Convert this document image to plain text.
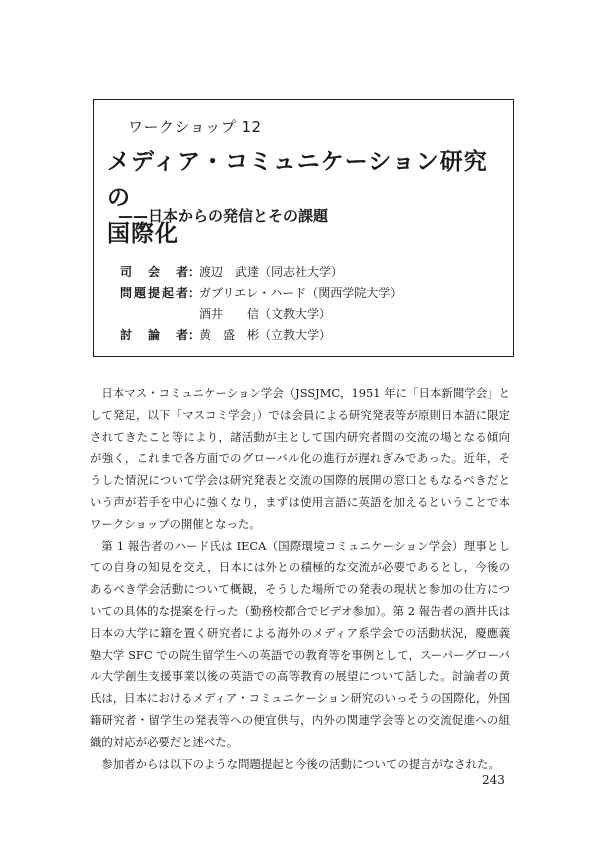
ワークショップ 12
メディア・コミュニケーション研究の
国際化
——日本からの発信とその課題
司 会 者 ：
渡辺　武達（同志社大学）
問題提起者 ：
ガブリエレ・ハード（関西学院大学）
酒井　　信（文教大学）
討 論 者 ：
黄　盛　彬（立教大学）

日本マス・コミュニケーション学会（JSSJMC，1951 年に「日本新聞学会」として発足，以下「マスコミ学会」）では会員による研究発表等が原則日本語に限定されてきたこと等により，諸活動が主として国内研究者間の交流の場となる傾向が強く，これまで各方面でのグローバル化の進行が遅れぎみであった。近年，そうした情況について学会は研究発表と交流の国際的展開の窓口ともなるべきだという声が若手を中心に強くなり，まずは使用言語に英語を加えるということで本ワークショップの開催となった。

第 1 報告者のハード氏は IECA（国際環境コミュニケーション学会）理事としての自身の知見を交え，日本には外との積極的な交流が必要であるとし，今後のあるべき学会活動について概観，そうした場所での発表の現状と参加の仕方についての具体的な提案を行った（勤務校都合でビデオ参加）。第 2 報告者の酒井氏は日本の大学に籍を置く研究者による海外のメディア系学会での活動状況，慶應義塾大学 SFC での院生留学生への英語での教育等を事例として，スーパーグローバル大学創生支援事業以後の英語での高等教育の展望について話した。討論者の黄氏は，日本におけるメディア・コミュニケーション研究のいっそうの国際化，外国籍研究者・留学生の発表等への便宜供与，内外の関連学会等との交流促進への組織的対応が必要だと述べた。

参加者からは以下のような問題提起と今後の活動についての提言がなされた。

243
